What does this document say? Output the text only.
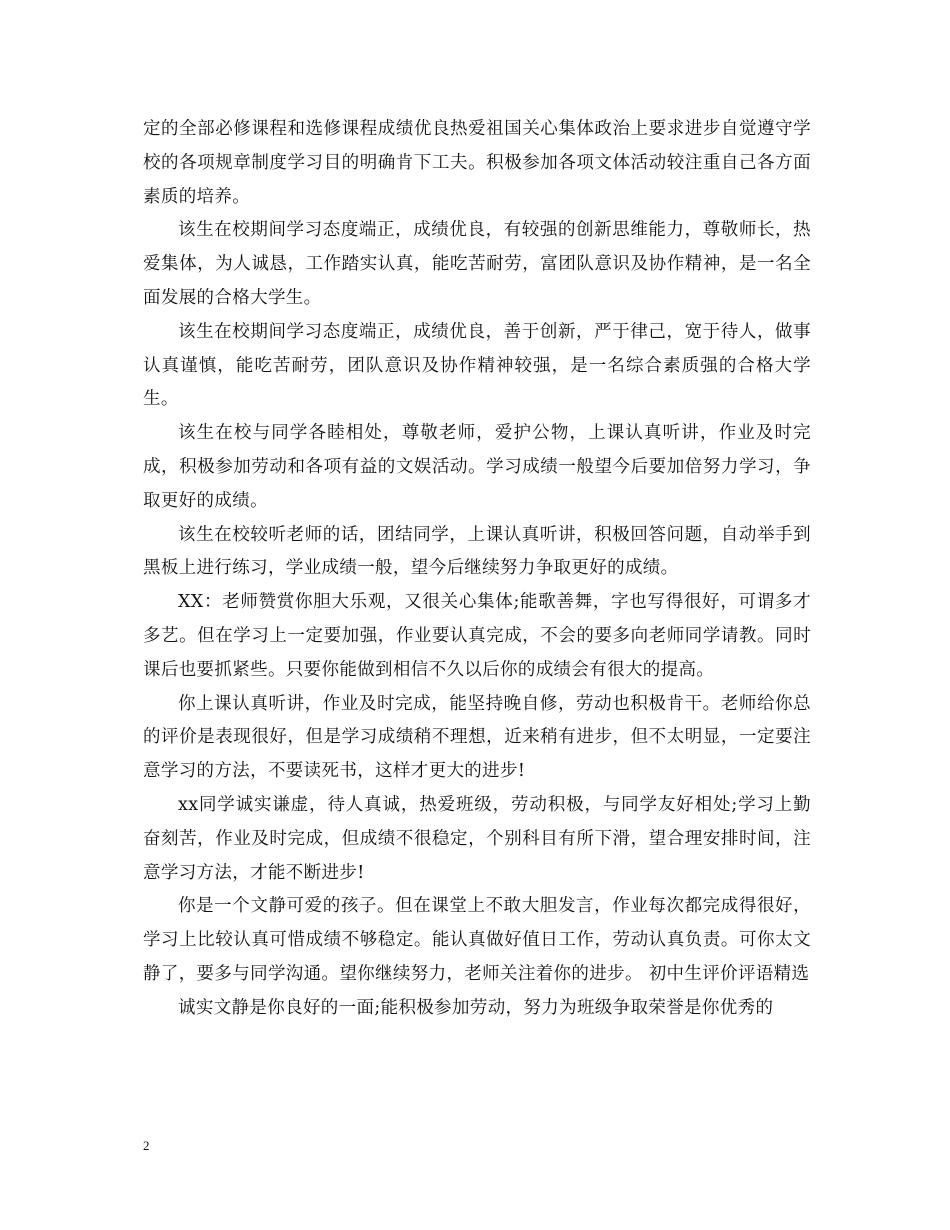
定的全部必修课程和选修课程成绩优良热爱祖国关心集体政治上要求进步自觉遵守学校的各项规章制度学习目的明确肯下工夫。积极参加各项文体活动较注重自己各方面素质的培养。

该生在校期间学习态度端正，成绩优良，有较强的创新思维能力，尊敬师长，热爱集体，为人诚恳，工作踏实认真，能吃苦耐劳，富团队意识及协作精神，是一名全面发展的合格大学生。

该生在校期间学习态度端正，成绩优良，善于创新，严于律己，宽于待人，做事认真谨慎，能吃苦耐劳，团队意识及协作精神较强，是一名综合素质强的合格大学生。

该生在校与同学各睦相处，尊敬老师，爱护公物，上课认真听讲，作业及时完成，积极参加劳动和各项有益的文娱活动。学习成绩一般望今后要加倍努力学习，争取更好的成绩。

该生在校较听老师的话，团结同学，上课认真听讲，积极回答问题，自动举手到黑板上进行练习，学业成绩一般，望今后继续努力争取更好的成绩。

XX：老师赞赏你胆大乐观，又很关心集体;能歌善舞，字也写得很好，可谓多才多艺。但在学习上一定要加强，作业要认真完成，不会的要多向老师同学请教。同时课后也要抓紧些。只要你能做到相信不久以后你的成绩会有很大的提高。

你上课认真听讲，作业及时完成，能坚持晚自修，劳动也积极肯干。老师给你总的评价是表现很好，但是学习成绩稍不理想，近来稍有进步，但不太明显，一定要注意学习的方法，不要读死书，这样才更大的进步!

xx同学诚实谦虚，待人真诚，热爱班级，劳动积极，与同学友好相处;学习上勤奋刻苦，作业及时完成，但成绩不很稳定，个别科目有所下滑，望合理安排时间，注意学习方法，才能不断进步!

你是一个文静可爱的孩子。但在课堂上不敢大胆发言，作业每次都完成得很好，学习上比较认真可惜成绩不够稳定。能认真做好值日工作，劳动认真负责。可你太文静了，要多与同学沟通。望你继续努力，老师关注着你的进步。 初中生评价评语精选

诚实文静是你良好的一面;能积极参加劳动，努力为班级争取荣誉是你优秀的

2
